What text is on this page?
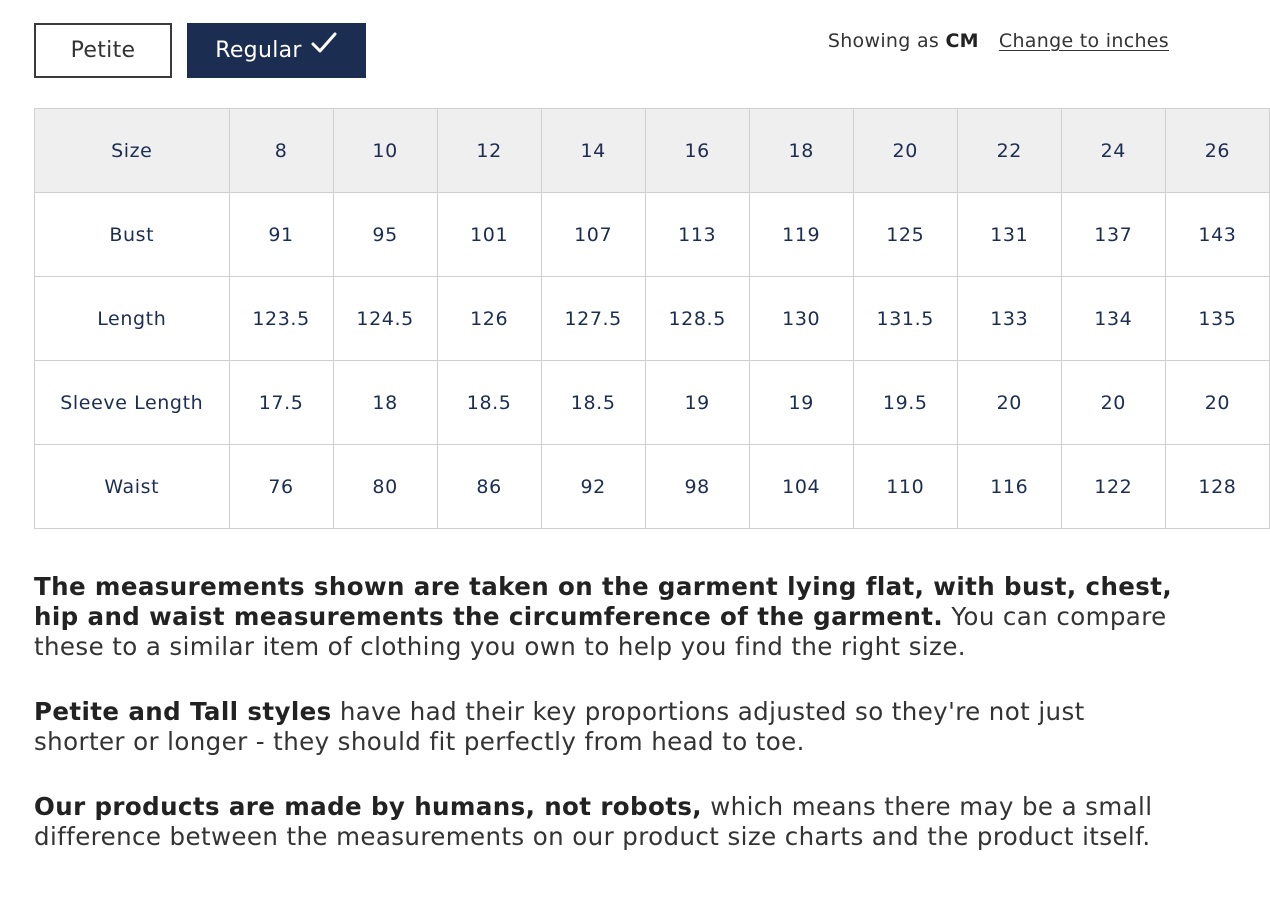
Petite	Regular	Showing as CM Change to inches
Size	8	10	12	14	16	18	20	22	24	26
Bust	91	95	101	107	113	119	125	131	137	143
Length	123.5	124.5	126	127.5	128.5	130	131.5	133	134	135
Sleeve Length	17.5	18	18.5	18.5	19	19	19.5	20	20	20
Waist	76	80	86	92	98	104	110	116	122	128

The measurements shown are taken on the garment lying flat, with bust, chest, hip and waist measurements the circumference of the garment. You can compare these to a similar item of clothing you own to help you find the right size.

Petite and Tall styles have had their key proportions adjusted so they're not just shorter or longer - they should fit perfectly from head to toe.

Our products are made by humans, not robots, which means there may be a small difference between the measurements on our product size charts and the product itself.
